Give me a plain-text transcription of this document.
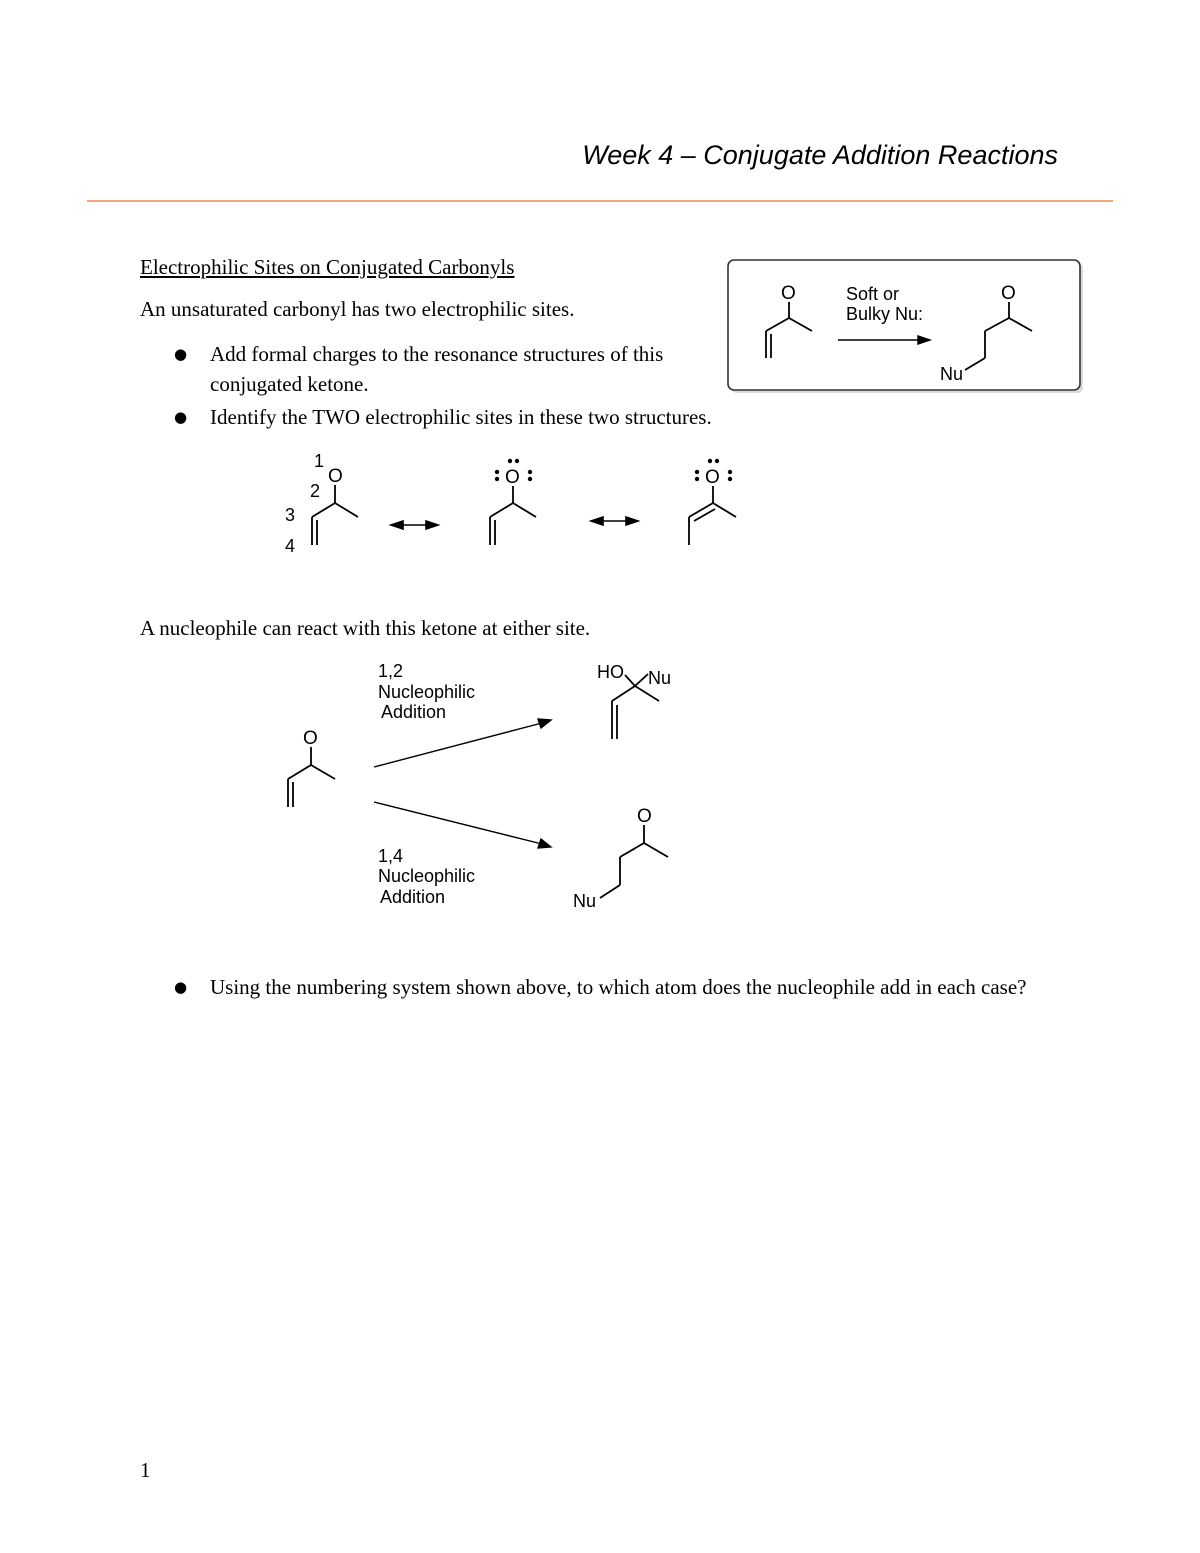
Week 4 – Conjugate Addition Reactions
Electrophilic Sites on Conjugated Carbonyls
An unsaturated carbonyl has two electrophilic sites.
● Add formal charges to the resonance structures of this conjugated ketone.
● Identify the TWO electrophilic sites in these two structures.
O	Soft or
Bulky Nu:
O
Nu
1
2
3
4
O	O	O
A nucleophile can react with this ketone at either site.
1,2
Nucleophilic
Addition
O
HO Nu
1,4
Nucleophilic
Addition
O
Nu
● Using the numbering system shown above, to which atom does the nucleophile add in each case?
1
